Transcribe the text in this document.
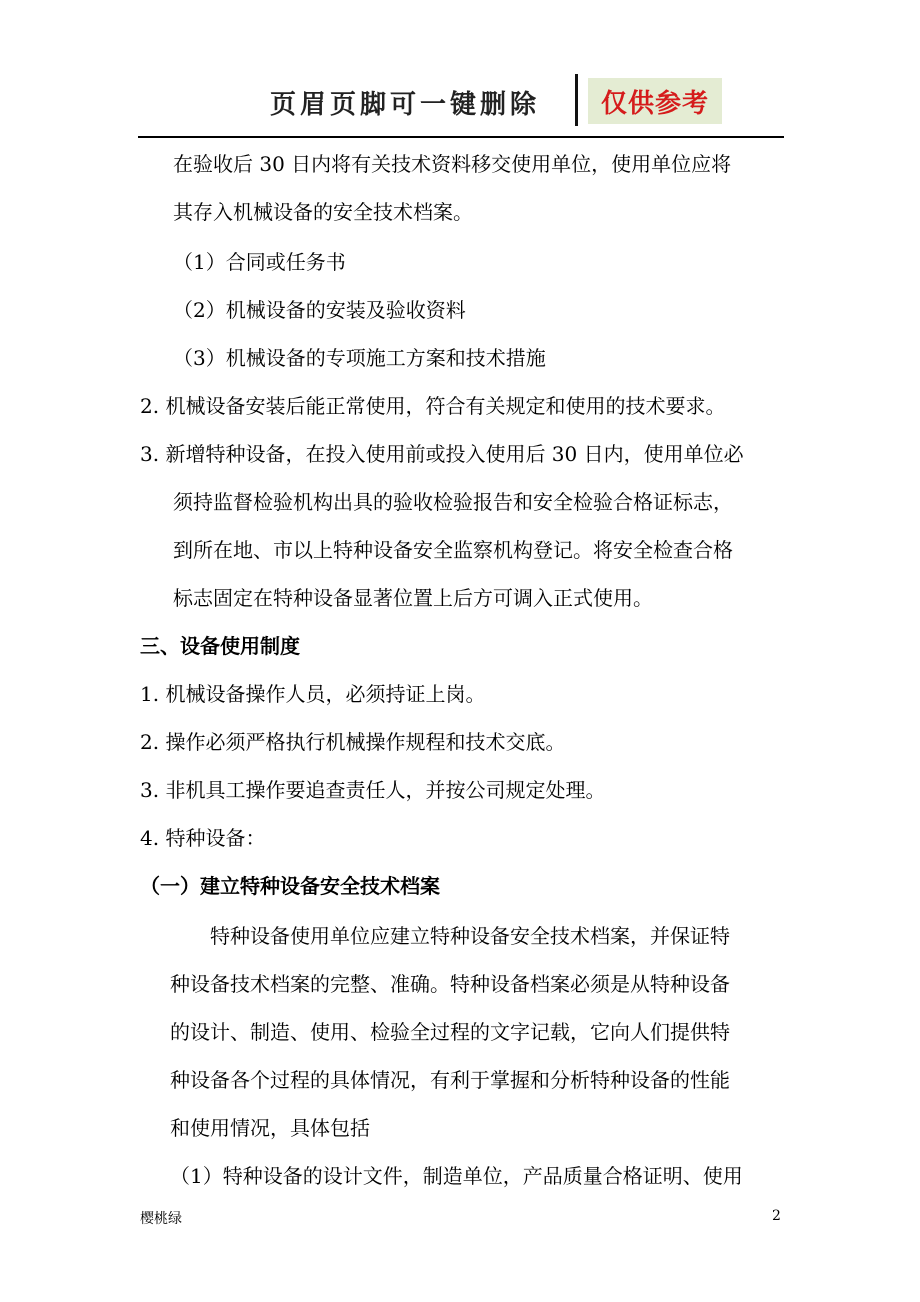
页眉页脚可一键删除	仅供参考
在验收后 30 日内将有关技术资料移交使用单位，使用单位应将
其存入机械设备的安全技术档案。
（1）合同或任务书
（2）机械设备的安装及验收资料
（3）机械设备的专项施工方案和技术措施
2. 机械设备安装后能正常使用，符合有关规定和使用的技术要求。
3. 新增特种设备，在投入使用前或投入使用后 30 日内，使用单位必
须持监督检验机构出具的验收检验报告和安全检验合格证标志，
到所在地、市以上特种设备安全监察机构登记。将安全检查合格
标志固定在特种设备显著位置上后方可调入正式使用。
三、设备使用制度
1. 机械设备操作人员，必须持证上岗。
2. 操作必须严格执行机械操作规程和技术交底。
3. 非机具工操作要追查责任人，并按公司规定处理。
4. 特种设备：
（一）建立特种设备安全技术档案
特种设备使用单位应建立特种设备安全技术档案，并保证特
种设备技术档案的完整、准确。特种设备档案必须是从特种设备
的设计、制造、使用、检验全过程的文字记载，它向人们提供特
种设备各个过程的具体情况，有利于掌握和分析特种设备的性能
和使用情况，具体包括
（1）特种设备的设计文件，制造单位，产品质量合格证明、使用
樱桃绿	2
